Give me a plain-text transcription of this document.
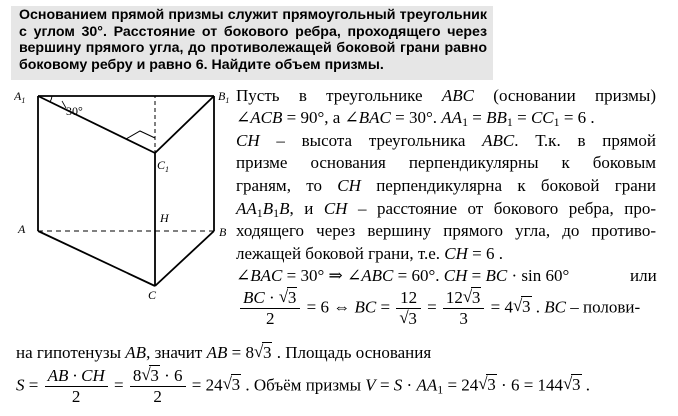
Основанием прямой призмы служит прямоугольный треугольник с углом 30°. Расстояние от бокового ребра, проходящего через вершину прямого угла, до противолежащей боковой грани равно боковому ребру и равно 6. Найдите объем призмы.

$A_1$	$B_1$
$C_1$
A	B
C
H
30°
Пусть в треугольнике ABC (основании призмы)
∠ACB = 90°, a ∠BAC = 30°. $AA_1 = BB_1 = CC_1 = 6$ .
CH – высота треугольника ABC. Т.к. в прямой
призме основания перпендикулярны к боковым
граням, то CH перпендикулярна к боковой грани
$AA_1B_1B$, и CH – расстояние от бокового ребра, про-
ходящего через вершину прямого угла, до противо-
лежащей боковой грани, т.е. CH = 6 .
∠BAC = 30° ⇒ ∠ABC = 60°. CH = BC · sin 60°	или
$\frac{BC \cdot √ 3}{2} = 6$ ⇔ BC = $\frac{12}{√ 3} = \frac{12 √ 3}{3} = 4$ √ 3 . BC – полови-
на гипотенузы AB, значит AB = 8 √ 3 . Площадь основания
$S = \frac{AB \cdot CH}{2} = \frac{8 √ 3 \cdot 6}{2} = 24$ √ 3 . Объём призмы $V = S \cdot AA_1 = 24$ √ 3 · 6 = 144 √ 3 .
